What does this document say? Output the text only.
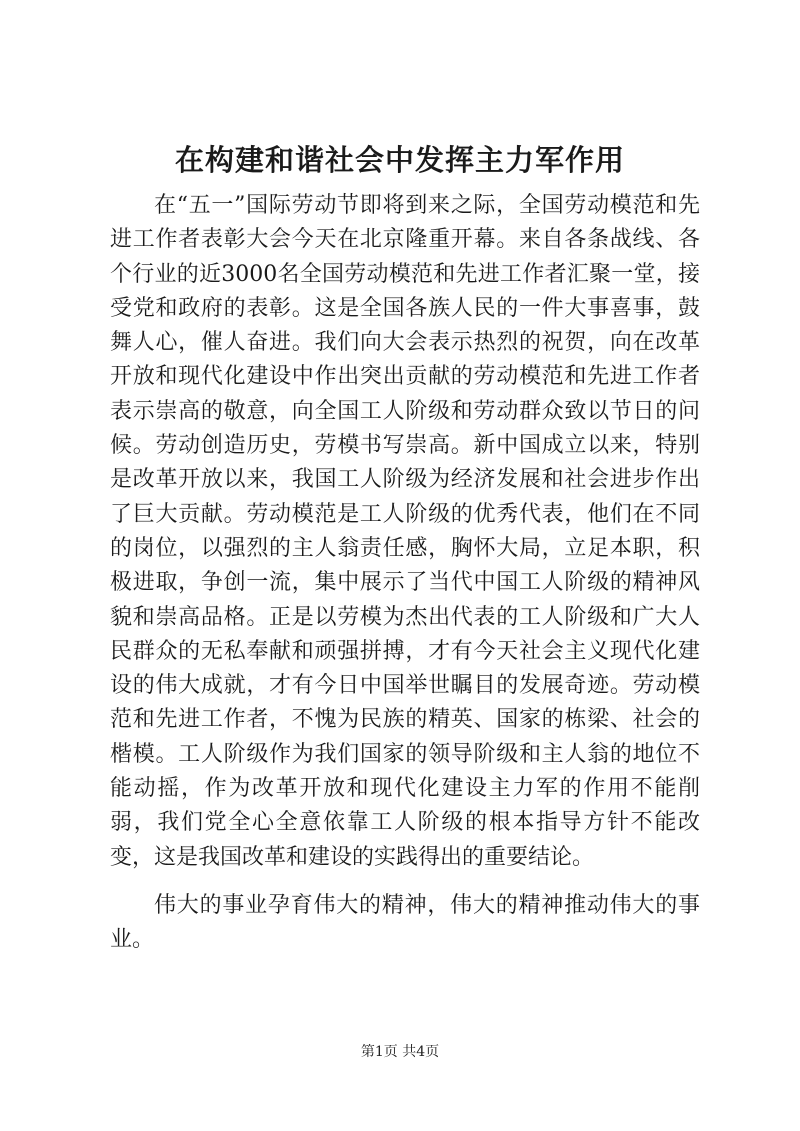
在构建和谐社会中发挥主力军作用

在“五一”国际劳动节即将到来之际，全国劳动模范和先进工作者表彰大会今天在北京隆重开幕。来自各条战线、各个行业的近3000名全国劳动模范和先进工作者汇聚一堂，接受党和政府的表彰。这是全国各族人民的一件大事喜事，鼓舞人心，催人奋进。我们向大会表示热烈的祝贺，向在改革开放和现代化建设中作出突出贡献的劳动模范和先进工作者表示崇高的敬意，向全国工人阶级和劳动群众致以节日的问候。劳动创造历史，劳模书写崇高。新中国成立以来，特别是改革开放以来，我国工人阶级为经济发展和社会进步作出了巨大贡献。劳动模范是工人阶级的优秀代表，他们在不同的岗位，以强烈的主人翁责任感，胸怀大局，立足本职，积极进取，争创一流，集中展示了当代中国工人阶级的精神风貌和崇高品格。正是以劳模为杰出代表的工人阶级和广大人民群众的无私奉献和顽强拼搏，才有今天社会主义现代化建设的伟大成就，才有今日中国举世瞩目的发展奇迹。劳动模范和先进工作者，不愧为民族的精英、国家的栋梁、社会的楷模。工人阶级作为我们国家的领导阶级和主人翁的地位不能动摇，作为改革开放和现代化建设主力军的作用不能削弱，我们党全心全意依靠工人阶级的根本指导方针不能改变，这是我国改革和建设的实践得出的重要结论。

伟大的事业孕育伟大的精神，伟大的精神推动伟大的事业。

第1页 共4页
